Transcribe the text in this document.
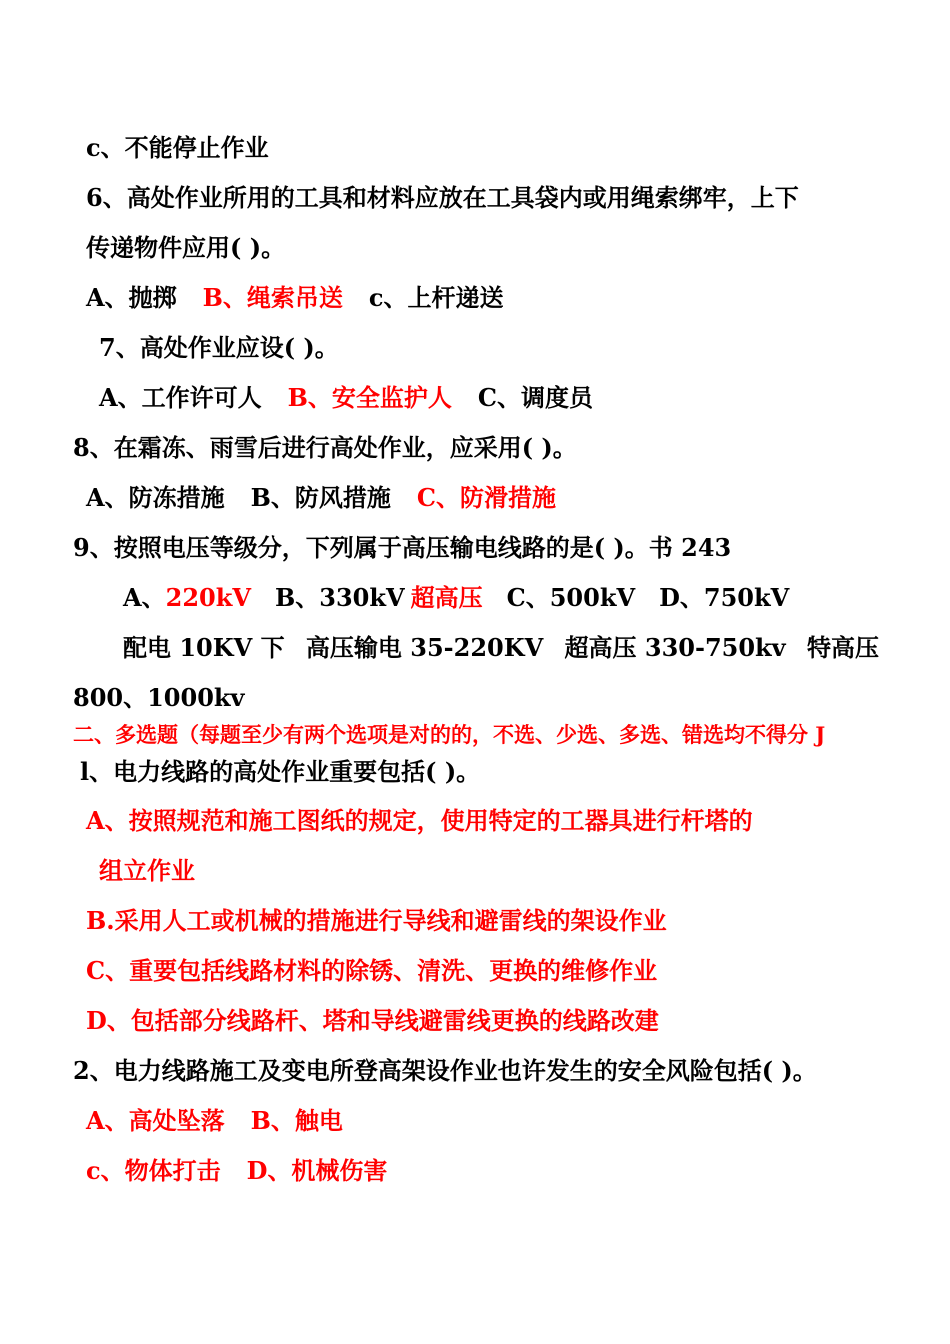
c、不能停止作业
6、高处作业所用的工具和材料应放在工具袋内或用绳索绑牢，上下
传递物件应用( )。
A、抛掷 B、绳索吊送 c、上杆递送
7、高处作业应设( )。
A、工作许可人 B、安全监护人 C、调度员
8、在霜冻、雨雪后进行高处作业，应采用( )。
A、防冻措施 B、防风措施 C、防滑措施
9、按照电压等级分，下列属于高压输电线路的是( )。书 243
A、220kV B、330kV 超高压 C、500kV D、750kV
配电 10KV 下 高压输电 35-220KV 超高压 330-750kv 特高压
800、1000kv
二、多选题（每题至少有两个选项是对的的，不选、少选、多选、错选均不得分 J
l、电力线路的高处作业重要包括( )。
A、按照规范和施工图纸的规定，使用特定的工器具进行杆塔的
组立作业
B.采用人工或机械的措施进行导线和避雷线的架设作业
C、重要包括线路材料的除锈、清洗、更换的维修作业
D、包括部分线路杆、塔和导线避雷线更换的线路改建
2、电力线路施工及变电所登高架设作业也许发生的安全风险包括( )。
A、高处坠落 B、触电
c、物体打击 D、机械伤害
